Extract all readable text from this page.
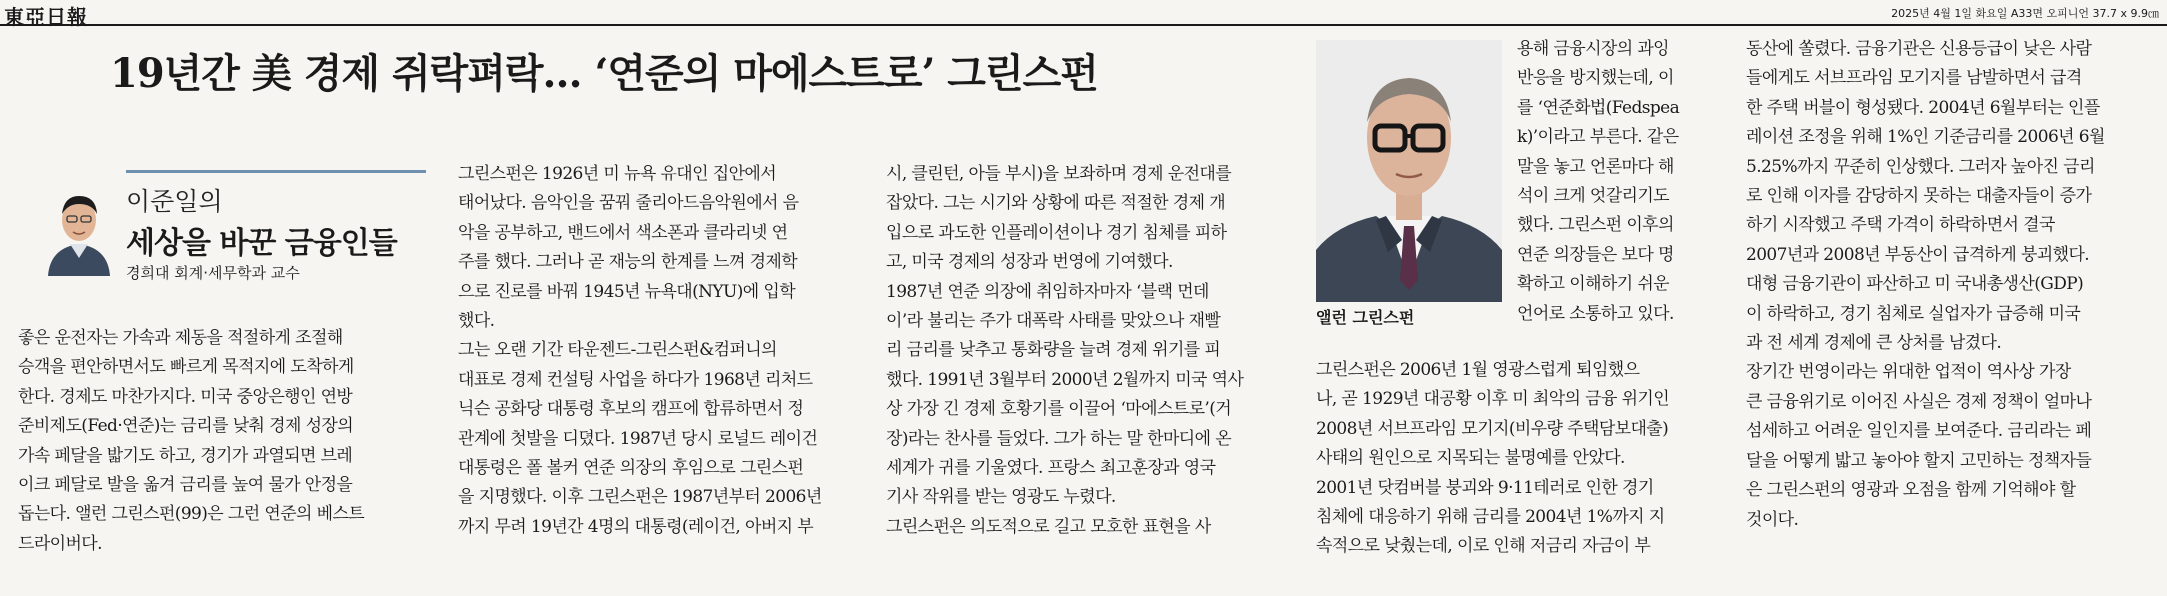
東亞日報	2025년 4월 1일 화요일 A33면 오피니언 37.7 x 9.9㎝
19년간 美 경제 쥐락펴락… ‘연준의 마에스트로’ 그린스펀
이준일의
세상을 바꾼 금융인들
경희대 회계·세무학과 교수
좋은 운전자는 가속과 제동을 적절하게 조절해
승객을 편안하면서도 빠르게 목적지에 도착하게
한다. 경제도 마찬가지다. 미국 중앙은행인 연방
준비제도(Fed·연준)는 금리를 낮춰 경제 성장의
가속 페달을 밟기도 하고, 경기가 과열되면 브레
이크 페달로 발을 옮겨 금리를 높여 물가 안정을
돕는다. 앨런 그린스펀(99)은 그런 연준의 베스트
드라이버다.
그린스펀은 1926년 미 뉴욕 유대인 집안에서
태어났다. 음악인을 꿈꿔 줄리아드음악원에서 음
악을 공부하고, 밴드에서 색소폰과 클라리넷 연
주를 했다. 그러나 곧 재능의 한계를 느껴 경제학
으로 진로를 바꿔 1945년 뉴욕대(NYU)에 입학
했다.
그는 오랜 기간 타운젠드-그린스펀&컴퍼니의
대표로 경제 컨설팅 사업을 하다가 1968년 리처드
닉슨 공화당 대통령 후보의 캠프에 합류하면서 정
관계에 첫발을 디뎠다. 1987년 당시 로널드 레이건
대통령은 폴 볼커 연준 의장의 후임으로 그린스펀
을 지명했다. 이후 그린스펀은 1987년부터 2006년
까지 무려 19년간 4명의 대통령(레이건, 아버지 부
시, 클린턴, 아들 부시)을 보좌하며 경제 운전대를
잡았다. 그는 시기와 상황에 따른 적절한 경제 개
입으로 과도한 인플레이션이나 경기 침체를 피하
고, 미국 경제의 성장과 번영에 기여했다.
1987년 연준 의장에 취임하자마자 ‘블랙 먼데
이’라 불리는 주가 대폭락 사태를 맞았으나 재빨
리 금리를 낮추고 통화량을 늘려 경제 위기를 피
했다. 1991년 3월부터 2000년 2월까지 미국 역사
상 가장 긴 경제 호황기를 이끌어 ‘마에스트로’(거
장)라는 찬사를 들었다. 그가 하는 말 한마디에 온
세계가 귀를 기울였다. 프랑스 최고훈장과 영국
기사 작위를 받는 영광도 누렸다.
그린스펀은 의도적으로 길고 모호한 표현을 사
앨런 그린스펀
용해 금융시장의 과잉
반응을 방지했는데, 이
를 ‘연준화법(Fedspea
k)’이라고 부른다. 같은
말을 놓고 언론마다 해
석이 크게 엇갈리기도
했다. 그린스펀 이후의
연준 의장들은 보다 명
확하고 이해하기 쉬운
언어로 소통하고 있다.
그린스펀은 2006년 1월 영광스럽게 퇴임했으
나, 곧 1929년 대공황 이후 미 최악의 금융 위기인
2008년 서브프라임 모기지(비우량 주택담보대출)
사태의 원인으로 지목되는 불명예를 안았다.
2001년 닷컴버블 붕괴와 9·11테러로 인한 경기
침체에 대응하기 위해 금리를 2004년 1%까지 지
속적으로 낮췄는데, 이로 인해 저금리 자금이 부
동산에 쏠렸다. 금융기관은 신용등급이 낮은 사람
들에게도 서브프라임 모기지를 남발하면서 급격
한 주택 버블이 형성됐다. 2004년 6월부터는 인플
레이션 조정을 위해 1%인 기준금리를 2006년 6월
5.25%까지 꾸준히 인상했다. 그러자 높아진 금리
로 인해 이자를 감당하지 못하는 대출자들이 증가
하기 시작했고 주택 가격이 하락하면서 결국
2007년과 2008년 부동산이 급격하게 붕괴했다.
대형 금융기관이 파산하고 미 국내총생산(GDP)
이 하락하고, 경기 침체로 실업자가 급증해 미국
과 전 세계 경제에 큰 상처를 남겼다.
장기간 번영이라는 위대한 업적이 역사상 가장
큰 금융위기로 이어진 사실은 경제 정책이 얼마나
섬세하고 어려운 일인지를 보여준다. 금리라는 페
달을 어떻게 밟고 놓아야 할지 고민하는 정책자들
은 그린스펀의 영광과 오점을 함께 기억해야 할
것이다.
